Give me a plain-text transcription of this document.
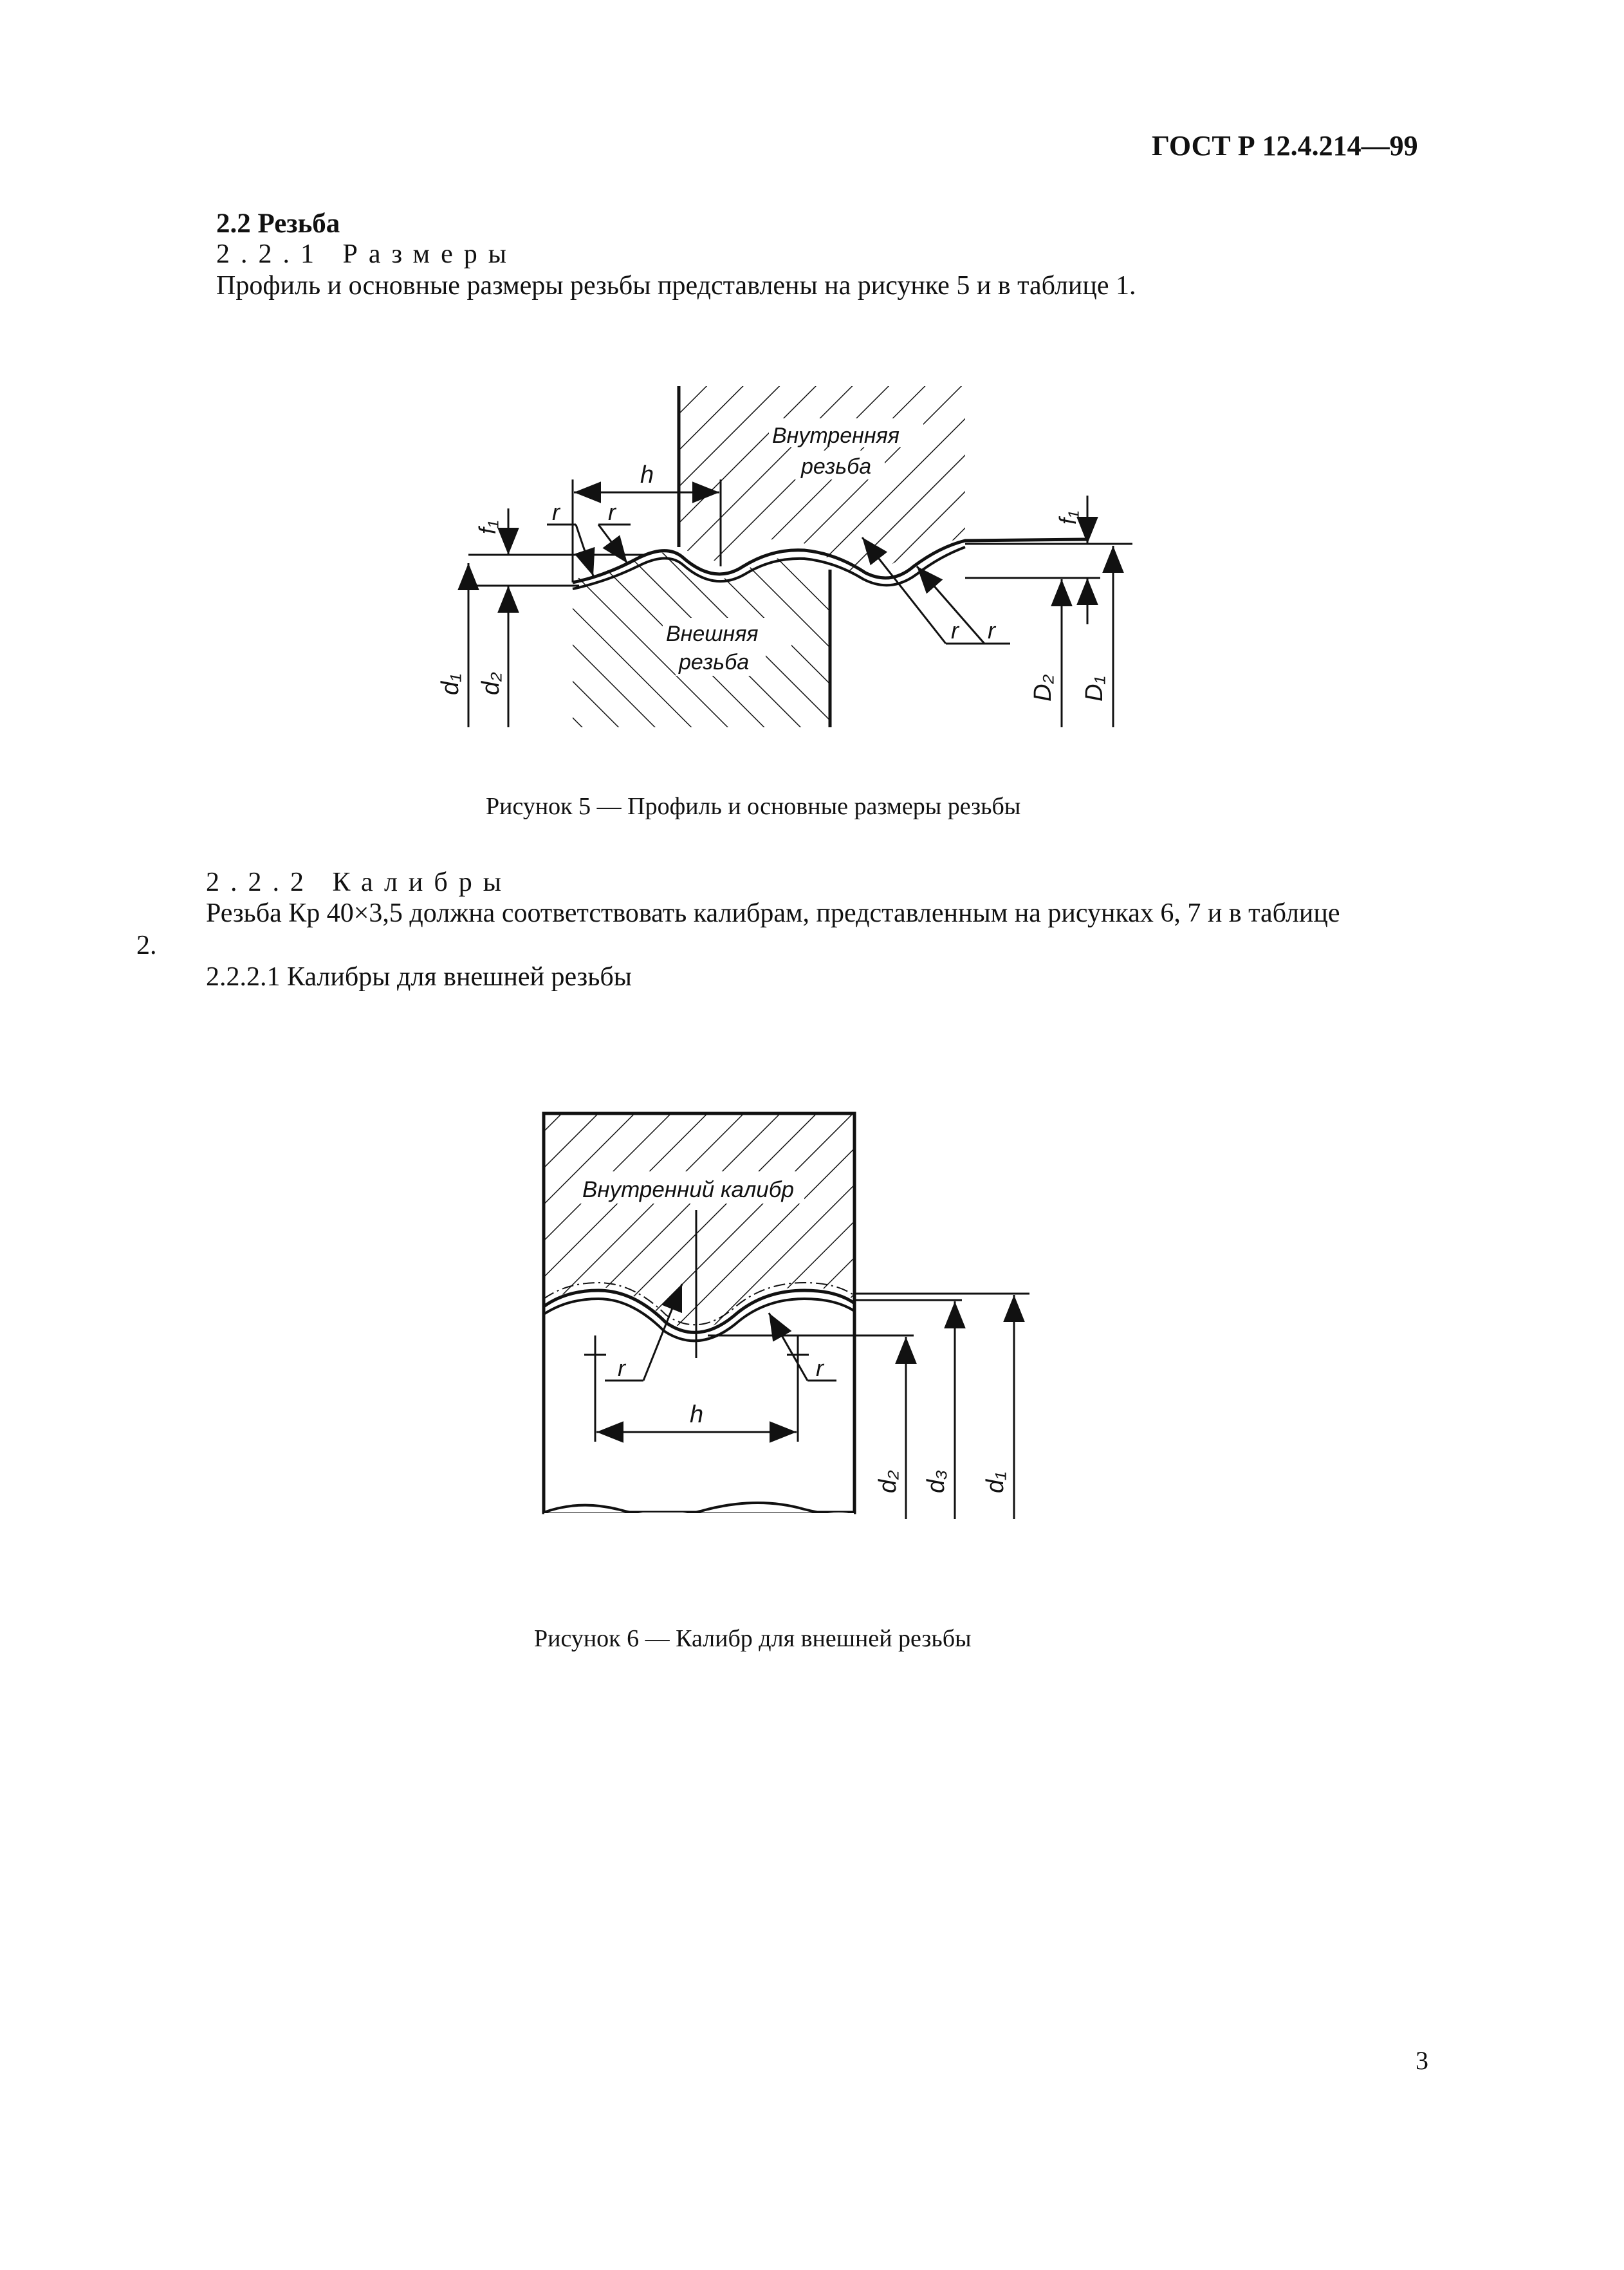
ГОСТ Р 12.4.214—99
2.2 Резьба
2.2.1 Размеры
Профиль и основные размеры резьбы представлены на рисунке 5 и в таблице 1.
Внутренняя
резьба
Внешняя
резьба
h
r r
f₁
d₁ d₂
r r
f₁
D₂ D₁
Рисунок 5 — Профиль и основные размеры резьбы
2.2.2 Калибры
Резьба Кр 40×3,5 должна соответствовать калибрам, представленным на рисунках 6, 7 и в таблице
2.
2.2.2.1 Калибры для внешней резьбы
Внутренний калибр
r	r
h
d₂ d₃ d₁
Рисунок 6 — Калибр для внешней резьбы
3
